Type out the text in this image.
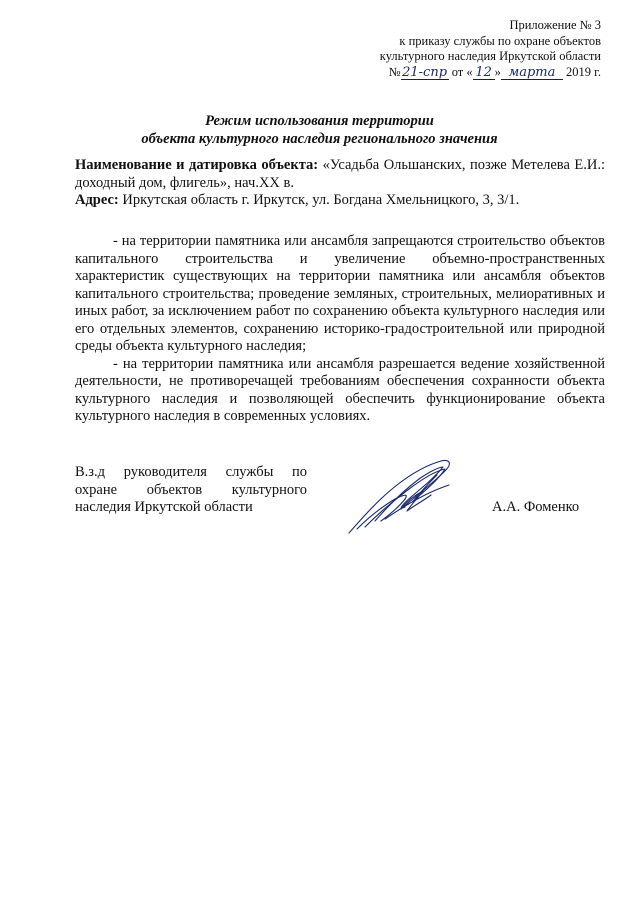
Приложение № 3
к приказу службы по охране объектов
культурного наследия Иркутской области
№ 21-спр от « 12 » марта 2019 г.
Режим использования территории
объекта культурного наследия регионального значения
Наименование и датировка объекта: «Усадьба Ольшанских, позже Метелева Е.И.: доходный дом, флигель», нач.XX в.
Адрес: Иркутская область г. Иркутск, ул. Богдана Хмельницкого, 3, 3/1.

- на территории памятника или ансамбля запрещаются строительство объектов капитального строительства и увеличение объемно-пространственных характеристик существующих на территории памятника или ансамбля объектов капитального строительства; проведение земляных, строительных, мелиоративных и иных работ, за исключением работ по сохранению объекта культурного наследия или его отдельных элементов, сохранению историко-градостроительной или природной среды объекта культурного наследия;

- на территории памятника или ансамбля разрешается ведение хозяйственной деятельности, не противоречащей требованиям обеспечения сохранности объекта культурного наследия и позволяющей обеспечить функционирование объекта культурного наследия в современных условиях.

В.з.д руководителя службы по
охране объектов культурного
наследия Иркутской области	А.А. Фоменко
